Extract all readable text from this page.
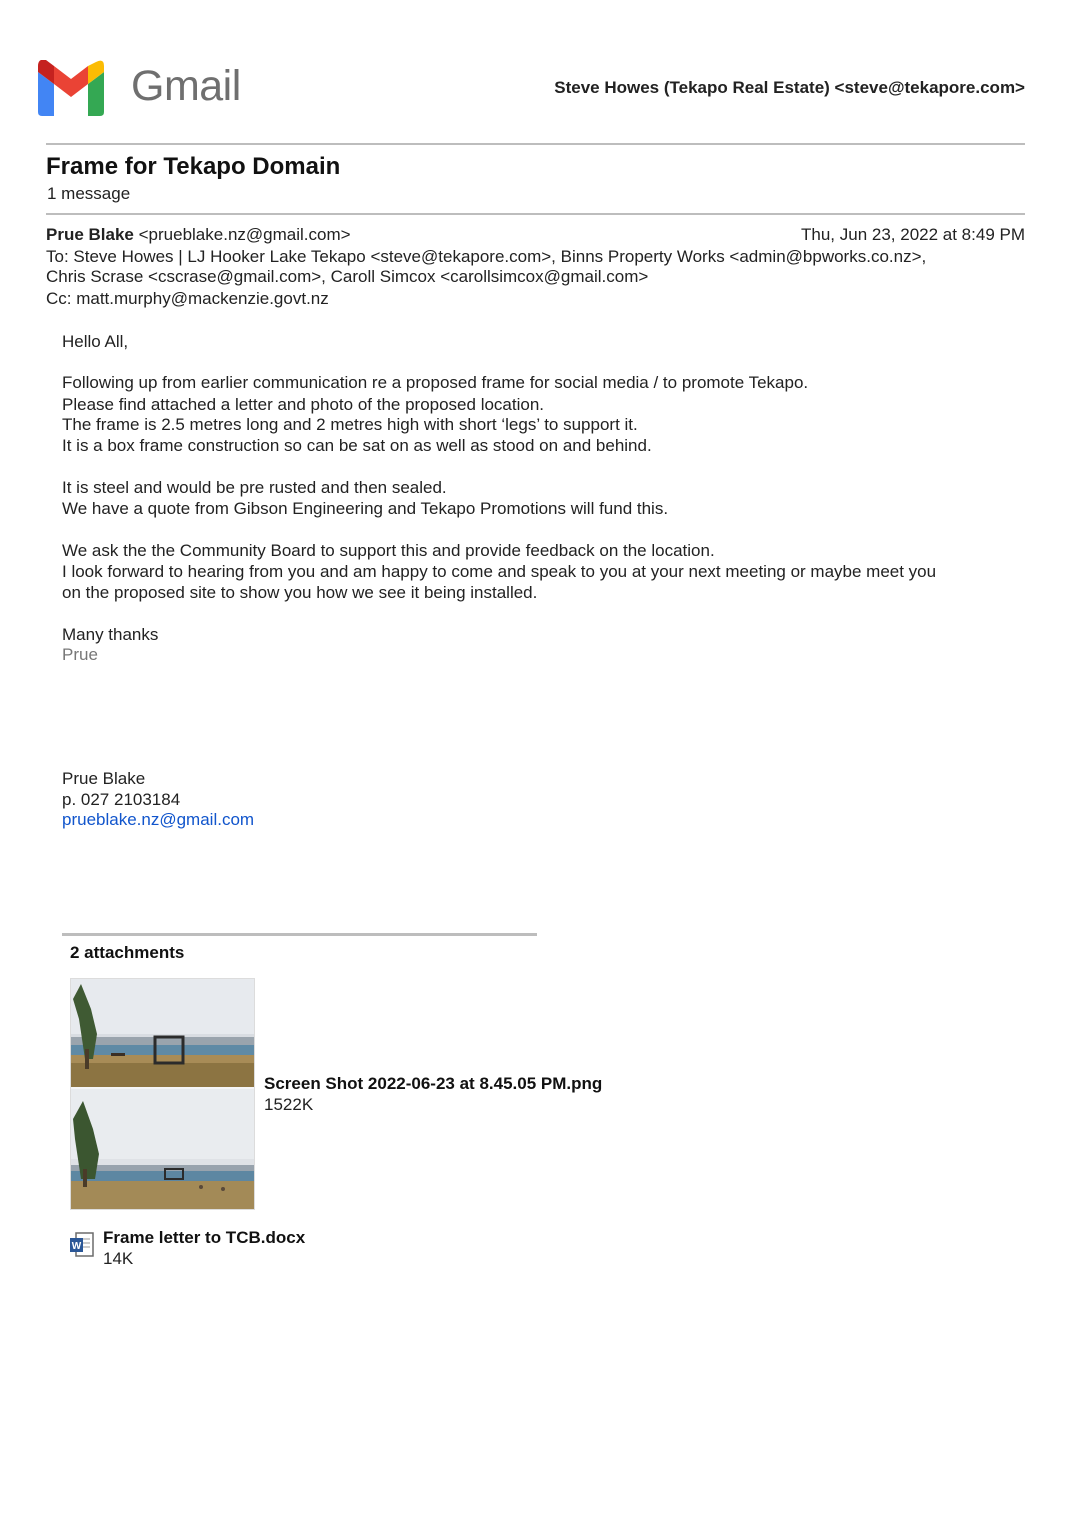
Gmail	Steve Howes (Tekapo Real Estate) <steve@tekapore.com>
Frame for Tekapo Domain
1 message
Prue Blake <prueblake.nz@gmail.com>	Thu, Jun 23, 2022 at 8:49 PM
To: Steve Howes | LJ Hooker Lake Tekapo <steve@tekapore.com>, Binns Property Works <admin@bpworks.co.nz>,
Chris Scrase <cscrase@gmail.com>, Caroll Simcox <carollsimcox@gmail.com>
Cc: matt.murphy@mackenzie.govt.nz
Hello All,
Following up from earlier communication re a proposed frame for social media / to promote Tekapo.
Please find attached a letter and photo of the proposed location.
The frame is 2.5 metres long and 2 metres high with short ‘legs’ to support it.
It is a box frame construction so can be sat on as well as stood on and behind.
It is steel and would be pre rusted and then sealed.
We have a quote from Gibson Engineering and Tekapo Promotions will fund this.
We ask the the Community Board to support this and provide feedback on the location.
I look forward to hearing from you and am happy to come and speak to you at your next meeting or maybe meet you
on the proposed site to show you how we see it being installed.
Many thanks
Prue
Prue Blake
p. 027 2103184
prueblake.nz@gmail.com
2 attachments
Screen Shot 2022-06-23 at 8.45.05 PM.png
1522K
W Frame letter to TCB.docx
14K
